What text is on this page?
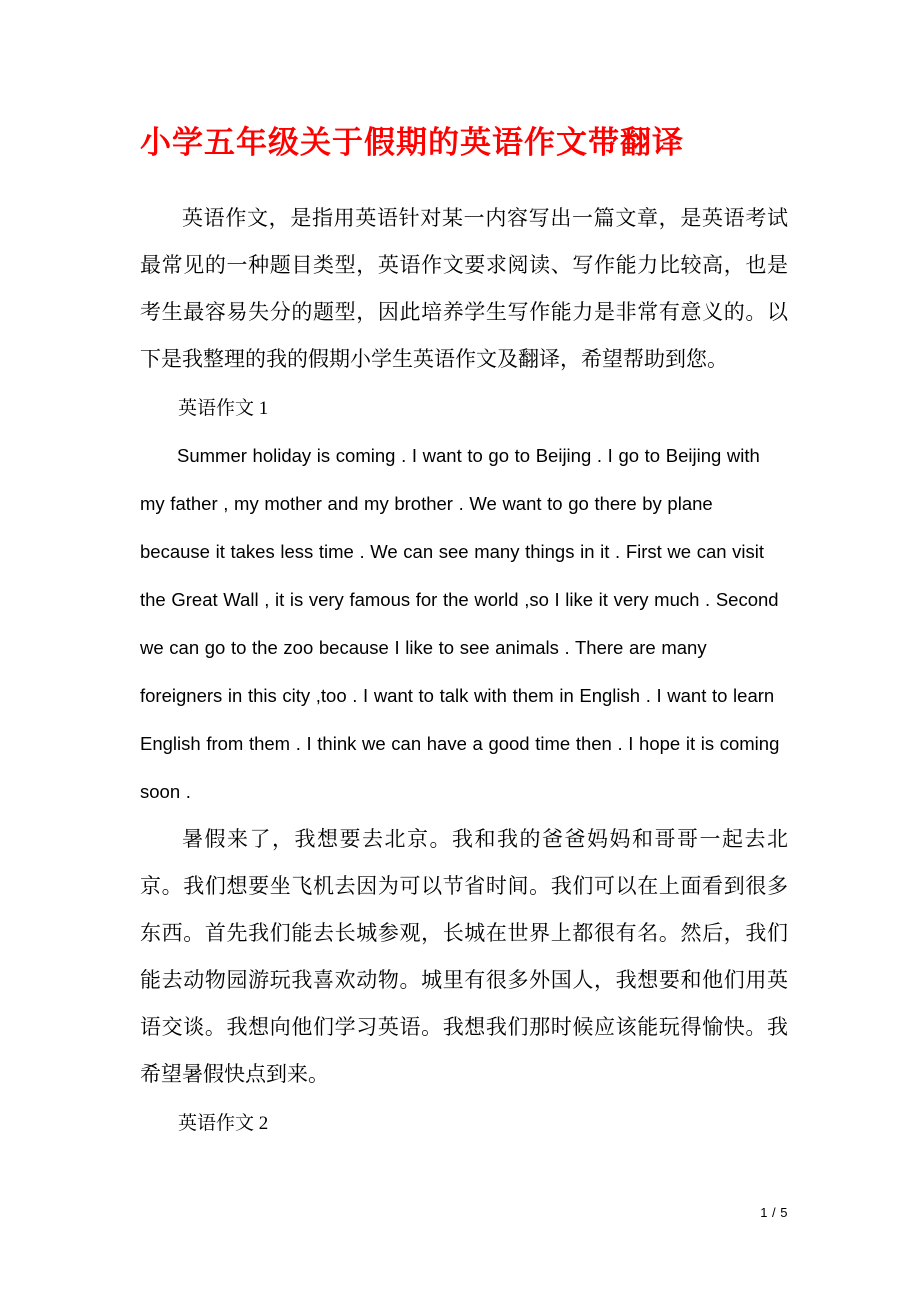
小学五年级关于假期的英语作文带翻译

英语作文，是指用英语针对某一内容写出一篇文章，是英语考试最常见的一种题目类型，英语作文要求阅读、写作能力比较高，也是考生最容易失分的题型，因此培养学生写作能力是非常有意义的。以下是我整理的我的假期小学生英语作文及翻译，希望帮助到您。

英语作文 1

Summer holiday is coming . I want to go to Beijing . I go to Beijing with my father , my mother and my brother . We want to go there by plane because it takes less time . We can see many things in it . First we can visit the Great Wall , it is very famous for the world ,so I like it very much . Second we can go to the zoo because I like to see animals . There are many foreigners in this city ,too . I want to talk with them in English . I want to learn English from them . I think we can have a good time then . I hope it is coming soon .

暑假来了，我想要去北京。我和我的爸爸妈妈和哥哥一起去北京。我们想要坐飞机去因为可以节省时间。我们可以在上面看到很多东西。首先我们能去长城参观，长城在世界上都很有名。然后，我们能去动物园游玩我喜欢动物。城里有很多外国人，我想要和他们用英语交谈。我想向他们学习英语。我想我们那时候应该能玩得愉快。我希望暑假快点到来。

英语作文 2

1 / 5
